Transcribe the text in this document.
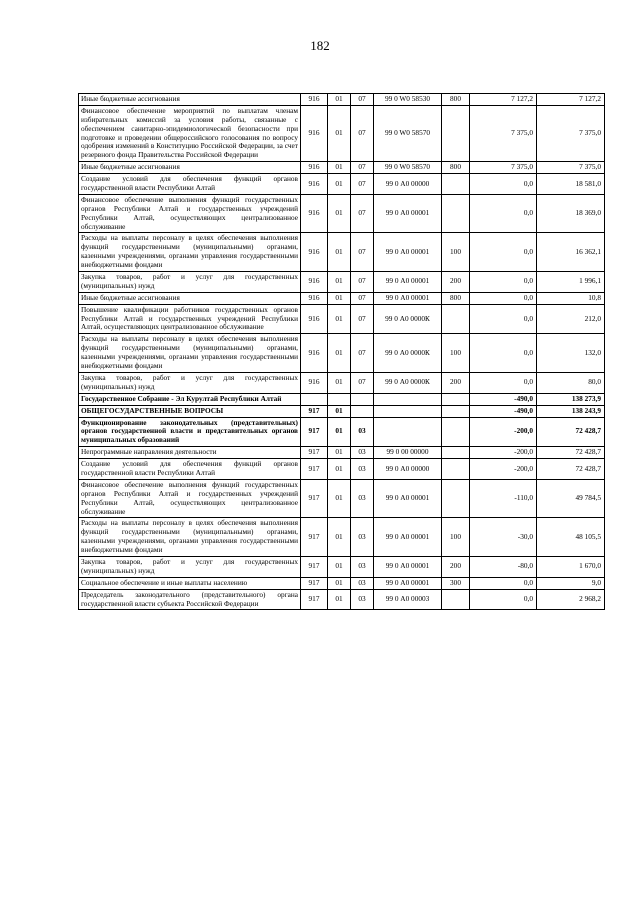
182
Иные бюджетные ассигнования	916	01	07	99 0 W0 58530	800	7 127,2	7 127,2
Финансовое обеспечение мероприятий по выплатам членам избирательных комиссий за условия работы, связанные с обеспечением санитарно-эпидемиологической безопасности при подготовке и проведении общероссийского голосования по вопросу одобрения изменений в Конституцию Российской Федерации, за счет резервного фонда Правительства Российской Федерации	916	01	07	99 0 W0 58570		7 375,0	7 375,0
Иные бюджетные ассигнования	916	01	07	99 0 W0 58570	800	7 375,0	7 375,0
Создание условий для обеспечения функций органов государственной власти Республики Алтай	916	01	07	99 0 А0 00000		0,0	18 581,0
Финансовое обеспечение выполнения функций государственных органов Республики Алтай и государственных учреждений Республики Алтай, осуществляющих централизованное обслуживание	916	01	07	99 0 А0 00001		0,0	18 369,0
Расходы на выплаты персоналу в целях обеспечения выполнения функций государственными (муниципальными) органами, казенными учреждениями, органами управления государственными внебюджетными фондами	916	01	07	99 0 А0 00001	100	0,0	16 362,1
Закупка товаров, работ и услуг для государственных (муниципальных) нужд	916	01	07	99 0 А0 00001	200	0,0	1 996,1
Иные бюджетные ассигнования	916	01	07	99 0 А0 00001	800	0,0	10,8
Повышение квалификации работников государственных органов Республики Алтай и государственных учреждений Республики Алтай, осуществляющих централизованное обслуживание	916	01	07	99 0 А0 0000К		0,0	212,0
Расходы на выплаты персоналу в целях обеспечения выполнения функций государственными (муниципальными) органами, казенными учреждениями, органами управления государственными внебюджетными фондами	916	01	07	99 0 А0 0000К	100	0,0	132,0
Закупка товаров, работ и услуг для государственных (муниципальных) нужд	916	01	07	99 0 А0 0000К	200	0,0	80,0
Государственное Собрание - Эл Курултай Республики Алтай						-490,0	138 273,9
ОБЩЕГОСУДАРСТВЕННЫЕ ВОПРОСЫ	917	01				-490,0	138 243,9
Функционирование законодательных (представительных) органов государственной власти и представительных органов муниципальных образований	917	01	03			-200,0	72 428,7
Непрограммные направления деятельности	917	01	03	99 0 00 00000		-200,0	72 428,7
Создание условий для обеспечения функций органов государственной власти Республики Алтай	917	01	03	99 0 А0 00000		-200,0	72 428,7
Финансовое обеспечение выполнения функций государственных органов Республики Алтай и государственных учреждений Республики Алтай, осуществляющих централизованное обслуживание	917	01	03	99 0 А0 00001		-110,0	49 784,5
Расходы на выплаты персоналу в целях обеспечения выполнения функций государственными (муниципальными) органами, казенными учреждениями, органами управления государственными внебюджетными фондами	917	01	03	99 0 А0 00001	100	-30,0	48 105,5
Закупка товаров, работ и услуг для государственных (муниципальных) нужд	917	01	03	99 0 А0 00001	200	-80,0	1 670,0
Социальное обеспечение и иные выплаты населению	917	01	03	99 0 А0 00001	300	0,0	9,0
Председатель законодательного (представительного) органа государственной власти субъекта Российской Федерации	917	01	03	99 0 А0 00003		0,0	2 968,2
